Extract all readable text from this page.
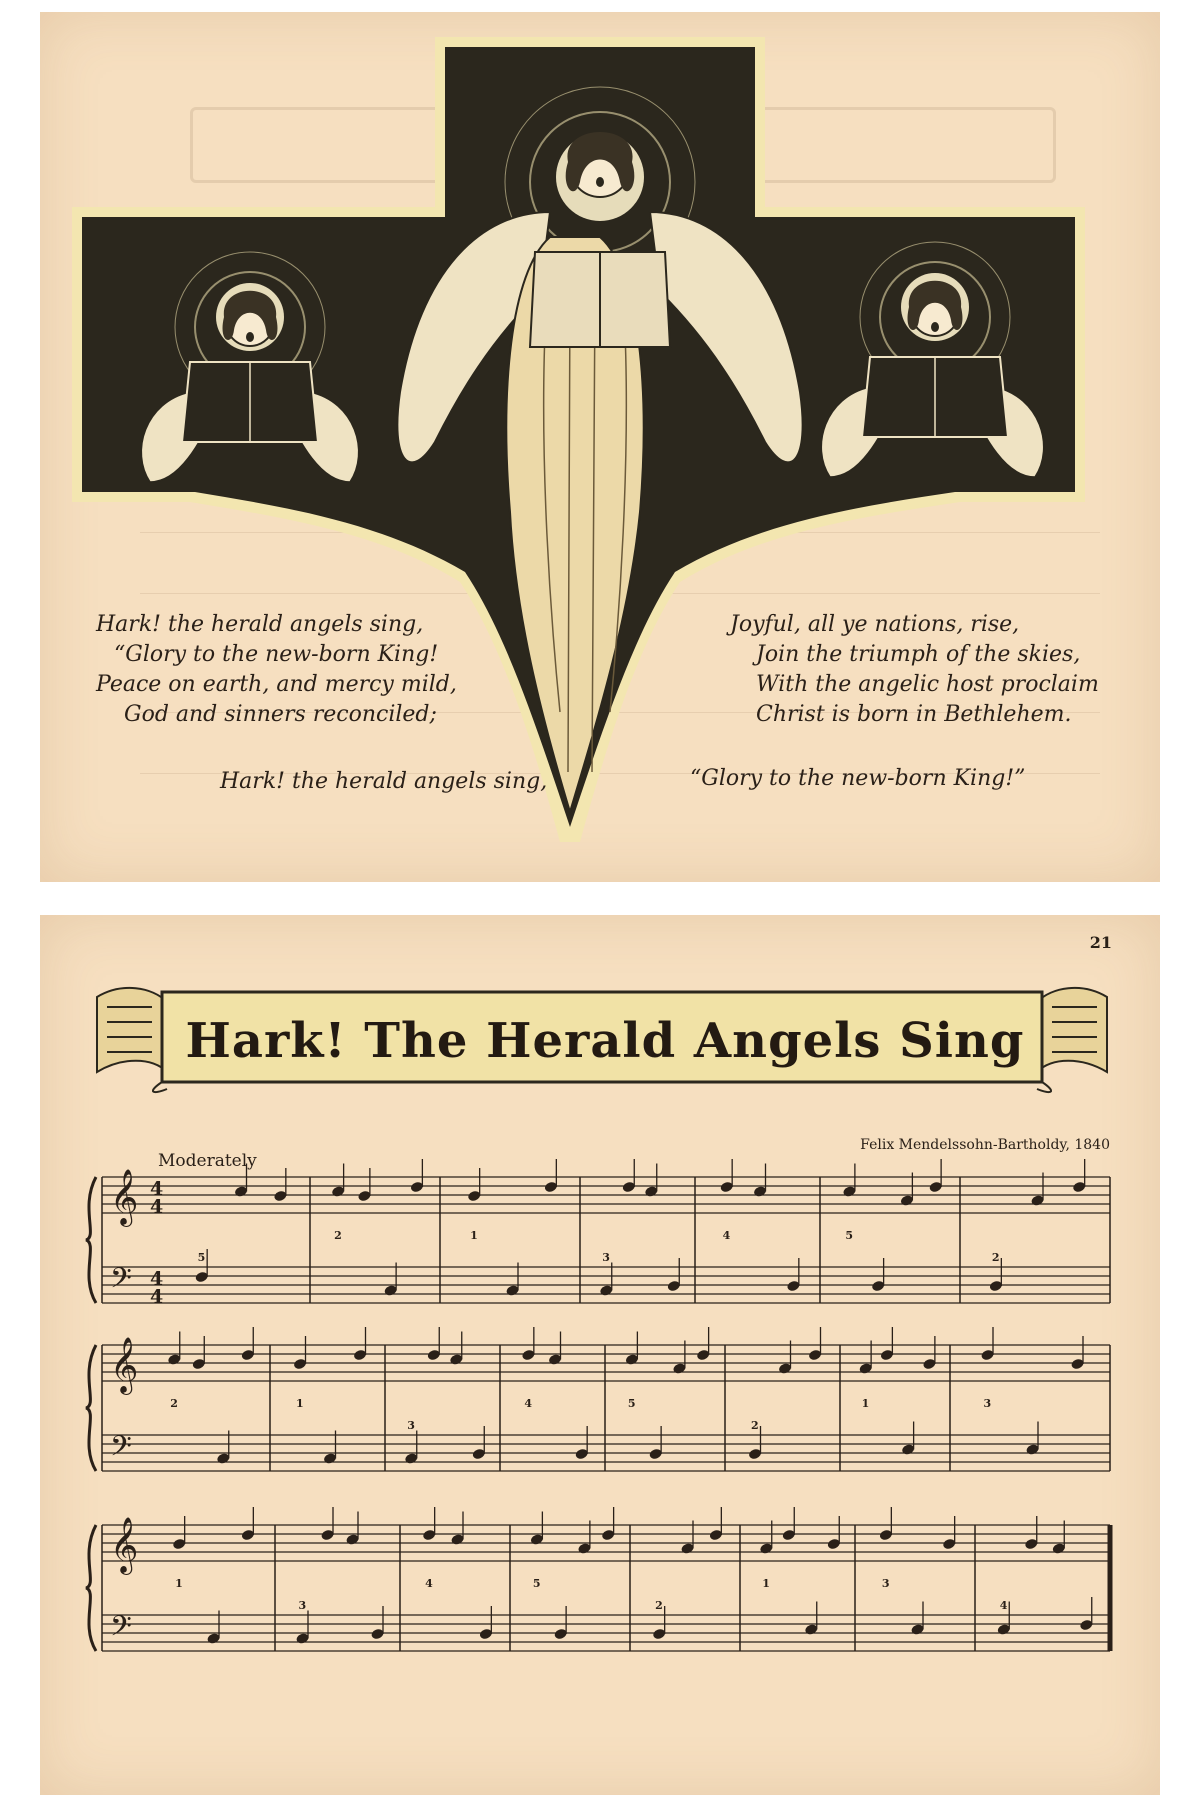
Hark! the herald angels sing,
“Glory to the new-born King!
Peace on earth, and mercy mild,
God and sinners reconciled;
Joyful, all ye nations, rise,
Join the triumph of the skies,
With the angelic host proclaim
Christ is born in Bethlehem.
Hark! the herald angels sing,	“Glory to the new-born King!”
21
Hark! The Herald Angels Sing
Felix Mendelssohn-Bartholdy, 1840
Moderately
𝄞 4
4
𝄢 4
4
5
2	1
3
4	5
2
𝄞
𝄢
2	1
3
4	5
2
1	3
𝄞
𝄢
1
3
4	5
2
1	3
4
